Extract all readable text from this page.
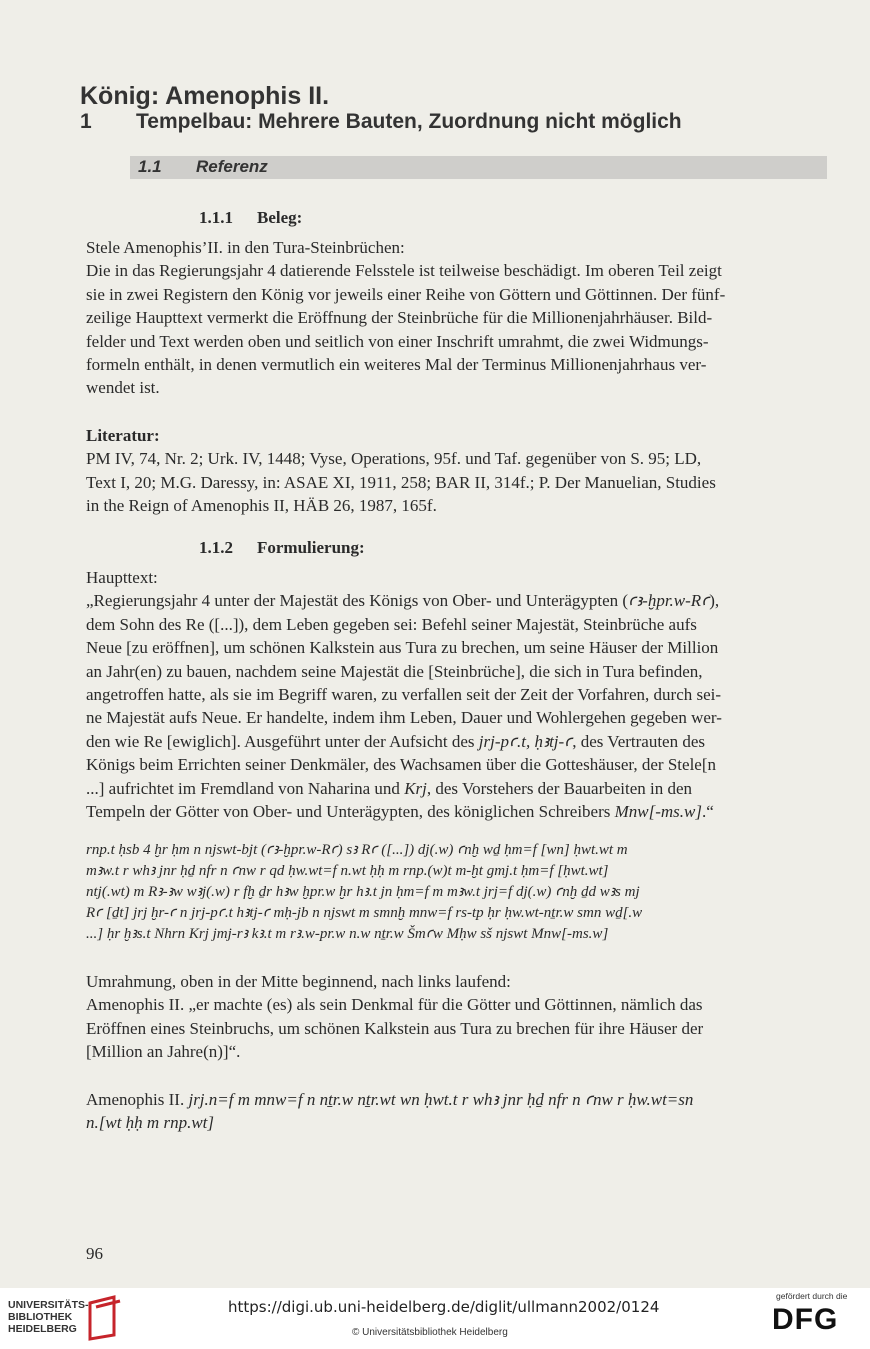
König: Amenophis II.
1 Tempelbau: Mehrere Bauten, Zuordnung nicht möglich
1.1 Referenz
1.1.1 Beleg:
Stele Amenophis’II. in den Tura-Steinbrüchen:
Die in das Regierungsjahr 4 datierende Felsstele ist teilweise beschädigt. Im oberen Teil zeigt
sie in zwei Registern den König vor jeweils einer Reihe von Göttern und Göttinnen. Der fünf-
zeilige Haupttext vermerkt die Eröffnung der Steinbrüche für die Millionenjahrhäuser. Bild-
felder und Text werden oben und seitlich von einer Inschrift umrahmt, die zwei Widmungs-
formeln enthält, in denen vermutlich ein weiteres Mal der Terminus Millionenjahrhaus ver-
wendet ist.
Literatur:
PM IV, 74, Nr. 2; Urk. IV, 1448; Vyse, Operations, 95f. und Taf. gegenüber von S. 95; LD,
Text I, 20; M.G. Daressy, in: ASAE XI, 1911, 258; BAR II, 314f.; P. Der Manuelian, Studies
in the Reign of Amenophis II, HÄB 26, 1987, 165f.
1.1.2 Formulierung:
Haupttext:
„Regierungsjahr 4 unter der Majestät des Königs von Ober- und Unterägypten (ꜥꜣ-ḫpr.w-Rꜥ),
dem Sohn des Re ([...]), dem Leben gegeben sei: Befehl seiner Majestät, Steinbrüche aufs
Neue [zu eröffnen], um schönen Kalkstein aus Tura zu brechen, um seine Häuser der Million
an Jahr(en) zu bauen, nachdem seine Majestät die [Steinbrüche], die sich in Tura befinden,
angetroffen hatte, als sie im Begriff waren, zu verfallen seit der Zeit der Vorfahren, durch sei-
ne Majestät aufs Neue. Er handelte, indem ihm Leben, Dauer und Wohlergehen gegeben wer-
den wie Re [ewiglich]. Ausgeführt unter der Aufsicht des jrj-pꜥ.t, ḥꜣtj-ꜥ, des Vertrauten des
Königs beim Errichten seiner Denkmäler, des Wachsamen über die Gotteshäuser, der Stele[n
...] aufrichtet im Fremdland von Naharina und Krj, des Vorstehers der Bauarbeiten in den
Tempeln der Götter von Ober- und Unterägypten, des königlichen Schreibers Mnw[-ms.w].“
rnp.t ḥsb 4 ḫr ḥm n njswt-bjt (ꜥꜣ-ḫpr.w-Rꜥ) sꜣ Rꜥ ([...]) dj(.w) ꜥnḫ wḏ ḥm=f [wn] ḥwt.wt m
mꜣw.t r whꜣ jnr ḥḏ nfr n ꜥnw r qd ḥw.wt=f n.wt ḥḥ m rnp.(w)t m-ḫt gmj.t ḥm=f [ḥwt.wt]
ntj(.wt) m Rꜣ-ꜣw wꜣj(.w) r fḫ ḏr hꜣw ḫpr.w ḫr hꜣ.t jn ḥm=f m mꜣw.t jrj=f dj(.w) ꜥnḫ ḏd wꜣs mj
Rꜥ [ḏt] jrj ḫr-ꜥ n jrj-pꜥ.t hꜣtj-ꜥ mḥ-jb n njswt m smnḫ mnw=f rs-tp ḥr ḥw.wt-nṯr.w smn wḏ[.w
...] ḥr ḫꜣs.t Nhrn Krj jmj-rꜣ kꜣ.t m rꜣ.w-pr.w n.w nṯr.w Šmꜥw Mḥw sš njswt Mnw[-ms.w]
Umrahmung, oben in der Mitte beginnend, nach links laufend:
Amenophis II. „er machte (es) als sein Denkmal für die Götter und Göttinnen, nämlich das
Eröffnen eines Steinbruchs, um schönen Kalkstein aus Tura zu brechen für ihre Häuser der
[Million an Jahre(n)]“.
Amenophis II. jrj.n=f m mnw=f n nṯr.w nṯr.wt wn ḥwt.t r whꜣ jnr ḥḏ nfr n ꜥnw r ḥw.wt=sn
n.[wt ḥḥ m rnp.wt]
96
UNIVERSITÄTS-
BIBLIOTHEK
HEIDELBERG
https://digi.ub.uni-heidelberg.de/diglit/ullmann2002/0124
© Universitätsbibliothek Heidelberg
gefördert durch die
DFG
